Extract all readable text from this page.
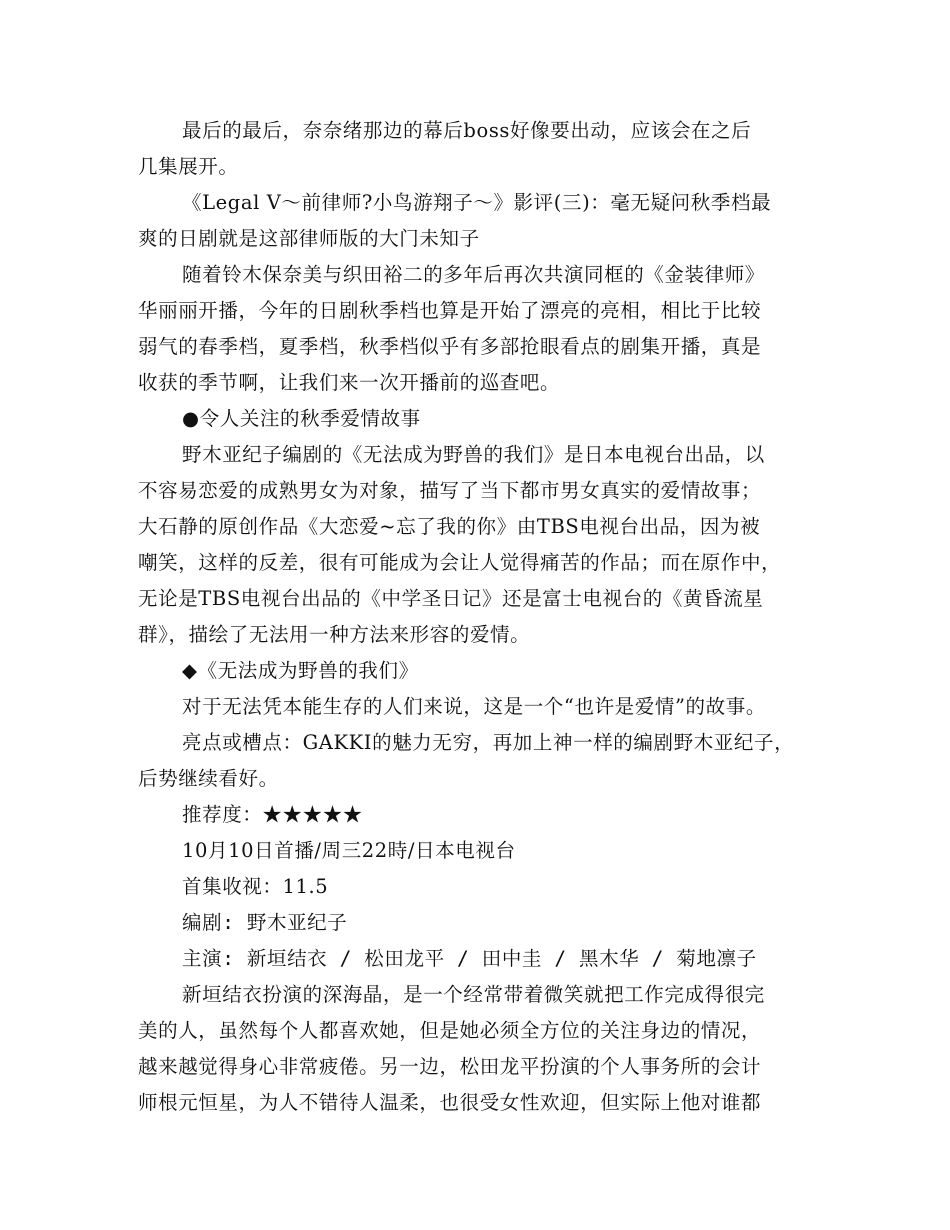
最后的最后，奈奈绪那边的幕后boss好像要出动，应该会在之后
几集展开。
《Legal V～前律师?小鸟游翔子～》影评(三)：毫无疑问秋季档最
爽的日剧就是这部律师版的大门未知子
随着铃木保奈美与织田裕二的多年后再次共演同框的《金装律师》
华丽丽开播，今年的日剧秋季档也算是开始了漂亮的亮相，相比于比较
弱气的春季档，夏季档，秋季档似乎有多部抢眼看点的剧集开播，真是
收获的季节啊，让我们来一次开播前的巡查吧。
●令人关注的秋季爱情故事
野木亚纪子编剧的《无法成为野兽的我们》是日本电视台出品，以
不容易恋爱的成熟男女为对象，描写了当下都市男女真实的爱情故事；
大石静的原创作品《大恋爱~忘了我的你》由TBS电视台出品，因为被
嘲笑，这样的反差，很有可能成为会让人觉得痛苦的作品；而在原作中，
无论是TBS电视台出品的《中学圣日记》还是富士电视台的《黄昏流星
群》，描绘了无法用一种方法来形容的爱情。
◆《无法成为野兽的我们》
对于无法凭本能生存的人们来说，这是一个“也许是爱情”的故事。
亮点或槽点：GAKKI的魅力无穷，再加上神一样的编剧野木亚纪子，
后势继续看好。
推荐度：★★★★★
10月10日首播/周三22時/日本电视台
首集收视：11.5
编剧: 野木亚纪子
主演: 新垣结衣 / 松田龙平 / 田中圭 / 黑木华 / 菊地凛子
新垣结衣扮演的深海晶，是一个经常带着微笑就把工作完成得很完
美的人，虽然每个人都喜欢她，但是她必须全方位的关注身边的情况，
越来越觉得身心非常疲倦。另一边，松田龙平扮演的个人事务所的会计
师根元恒星，为人不错待人温柔，也很受女性欢迎，但实际上他对谁都
